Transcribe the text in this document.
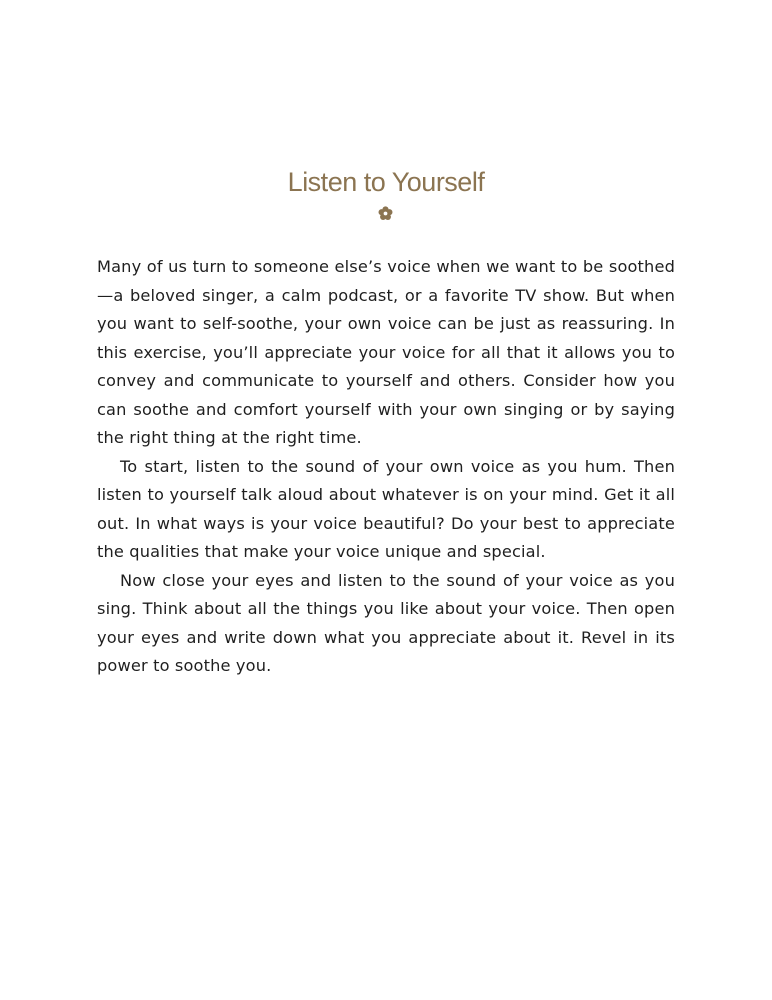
Listen to Yourself

Many of us turn to someone else’s voice when we want to be soothed—a beloved singer, a calm podcast, or a favorite TV show. But when you want to self-soothe, your own voice can be just as reassuring. In this exercise, you’ll appreciate your voice for all that it allows you to convey and communicate to yourself and others. Consider how you can soothe and comfort yourself with your own singing or by saying the right thing at the right time.

To start, listen to the sound of your own voice as you hum. Then listen to yourself talk aloud about whatever is on your mind. Get it all out. In what ways is your voice beautiful? Do your best to appreciate the qualities that make your voice unique and special.

Now close your eyes and listen to the sound of your voice as you sing. Think about all the things you like about your voice. Then open your eyes and write down what you appreciate about it. Revel in its power to soothe you.
